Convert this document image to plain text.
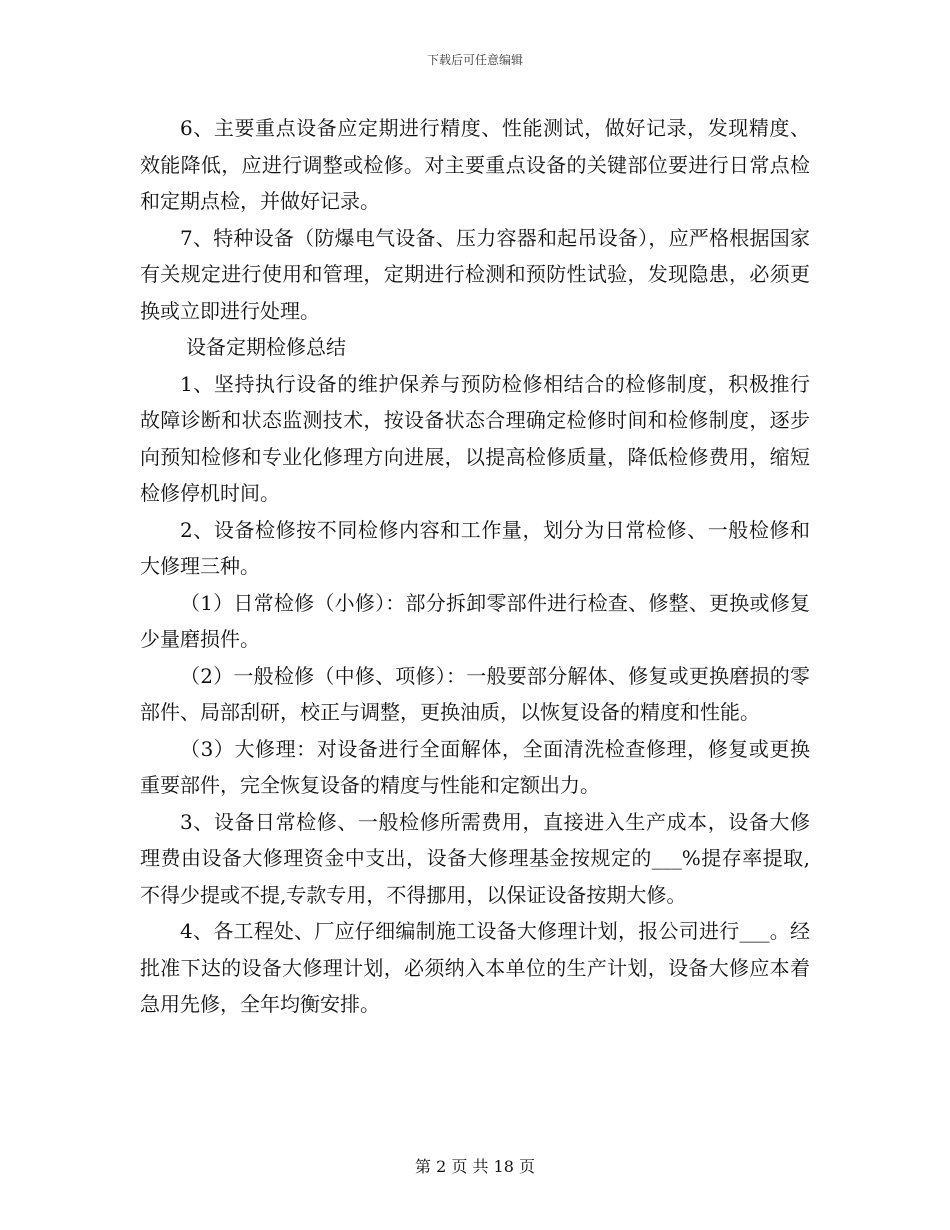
下载后可任意编辑

6、主要重点设备应定期进行精度、性能测试，做好记录，发现精度、效能降低，应进行调整或检修。对主要重点设备的关键部位要进行日常点检和定期点检，并做好记录。

7、特种设备（防爆电气设备、压力容器和起吊设备），应严格根据国家有关规定进行使用和管理，定期进行检测和预防性试验，发现隐患，必须更换或立即进行处理。

设备定期检修总结

1、坚持执行设备的维护保养与预防检修相结合的检修制度，积极推行故障诊断和状态监测技术，按设备状态合理确定检修时间和检修制度，逐步向预知检修和专业化修理方向进展，以提高检修质量，降低检修费用，缩短检修停机时间。

2、设备检修按不同检修内容和工作量，划分为日常检修、一般检修和大修理三种。

（1）日常检修（小修）：部分拆卸零部件进行检查、修整、更换或修复少量磨损件。

（2）一般检修（中修、项修）：一般要部分解体、修复或更换磨损的零部件、局部刮研，校正与调整，更换油质，以恢复设备的精度和性能。

（3）大修理：对设备进行全面解体，全面清洗检查修理，修复或更换重要部件，完全恢复设备的精度与性能和定额出力。

3、设备日常检修、一般检修所需费用，直接进入生产成本，设备大修理费由设备大修理资金中支出，设备大修理基金按规定的___%提存率提取,不得少提或不提,专款专用，不得挪用，以保证设备按期大修。

4、各工程处、厂应仔细编制施工设备大修理计划，报公司进行___。经批准下达的设备大修理计划，必须纳入本单位的生产计划，设备大修应本着急用先修，全年均衡安排。

第 2 页 共 18 页
